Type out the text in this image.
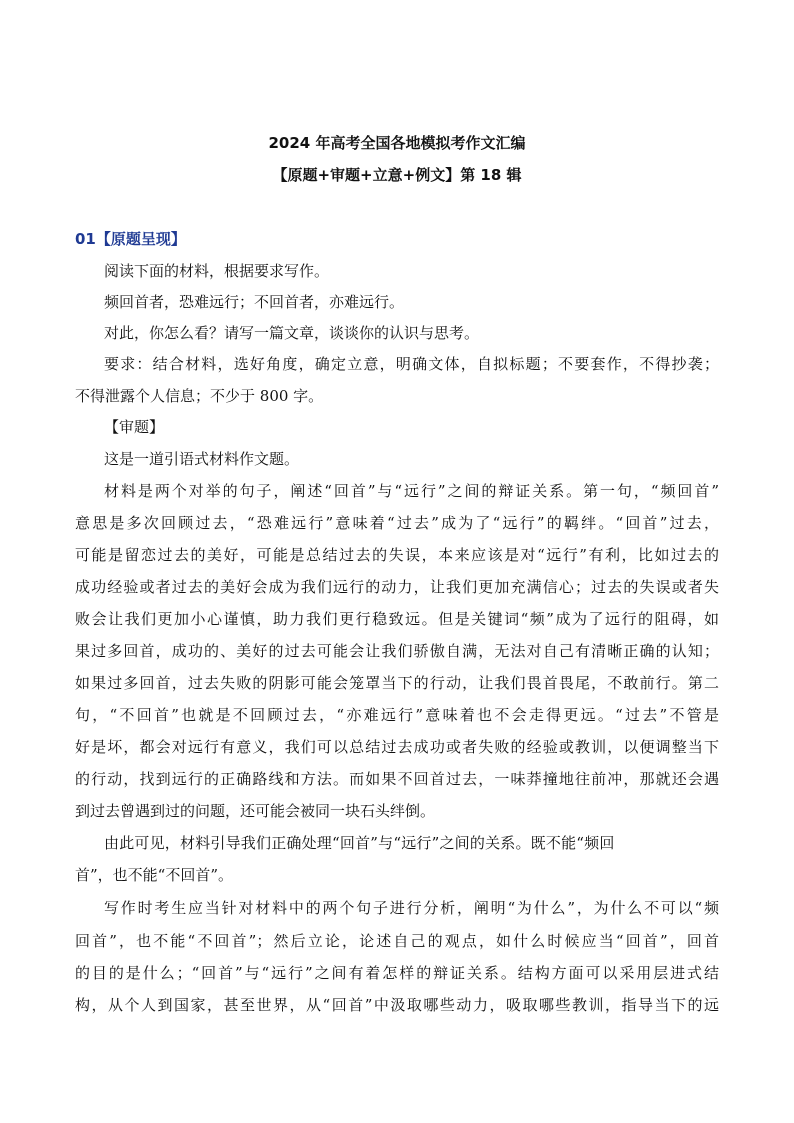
2024 年高考全国各地模拟考作文汇编
【原题+审题+立意+例文】第 18 辑
01【原题呈现】
阅读下面的材料，根据要求写作。
频回首者，恐难远行；不回首者，亦难远行。
对此，你怎么看？请写一篇文章，谈谈你的认识与思考。
要求：结合材料，选好角度，确定立意，明确文体，自拟标题；不要套作，不得抄袭；
不得泄露个人信息；不少于 800 字。
【审题】
这是一道引语式材料作文题。
材料是两个对举的句子，阐述“回首”与“远行”之间的辩证关系。第一句，“频回首”
意思是多次回顾过去，“恐难远行”意味着“过去”成为了“远行”的羁绊。“回首”过去，
可能是留恋过去的美好，可能是总结过去的失误，本来应该是对“远行”有利，比如过去的
成功经验或者过去的美好会成为我们远行的动力，让我们更加充满信心；过去的失误或者失
败会让我们更加小心谨慎，助力我们更行稳致远。但是关键词“频”成为了远行的阻碍，如
果过多回首，成功的、美好的过去可能会让我们骄傲自满，无法对自己有清晰正确的认知；
如果过多回首，过去失败的阴影可能会笼罩当下的行动，让我们畏首畏尾，不敢前行。第二
句，“不回首”也就是不回顾过去，“亦难远行”意味着也不会走得更远。“过去”不管是
好是坏，都会对远行有意义，我们可以总结过去成功或者失败的经验或教训，以便调整当下
的行动，找到远行的正确路线和方法。而如果不回首过去，一味莽撞地往前冲，那就还会遇
到过去曾遇到过的问题，还可能会被同一块石头绊倒。
由此可见，材料引导我们正确处理“回首”与“远行”之间的关系。既不能“频回
首”，也不能“不回首”。
写作时考生应当针对材料中的两个句子进行分析，阐明“为什么”，为什么不可以“频
回首”，也不能“不回首”；然后立论，论述自己的观点，如什么时候应当“回首”，回首
的目的是什么；“回首”与“远行”之间有着怎样的辩证关系。结构方面可以采用层进式结
构，从个人到国家，甚至世界，从“回首”中汲取哪些动力，吸取哪些教训，指导当下的远
